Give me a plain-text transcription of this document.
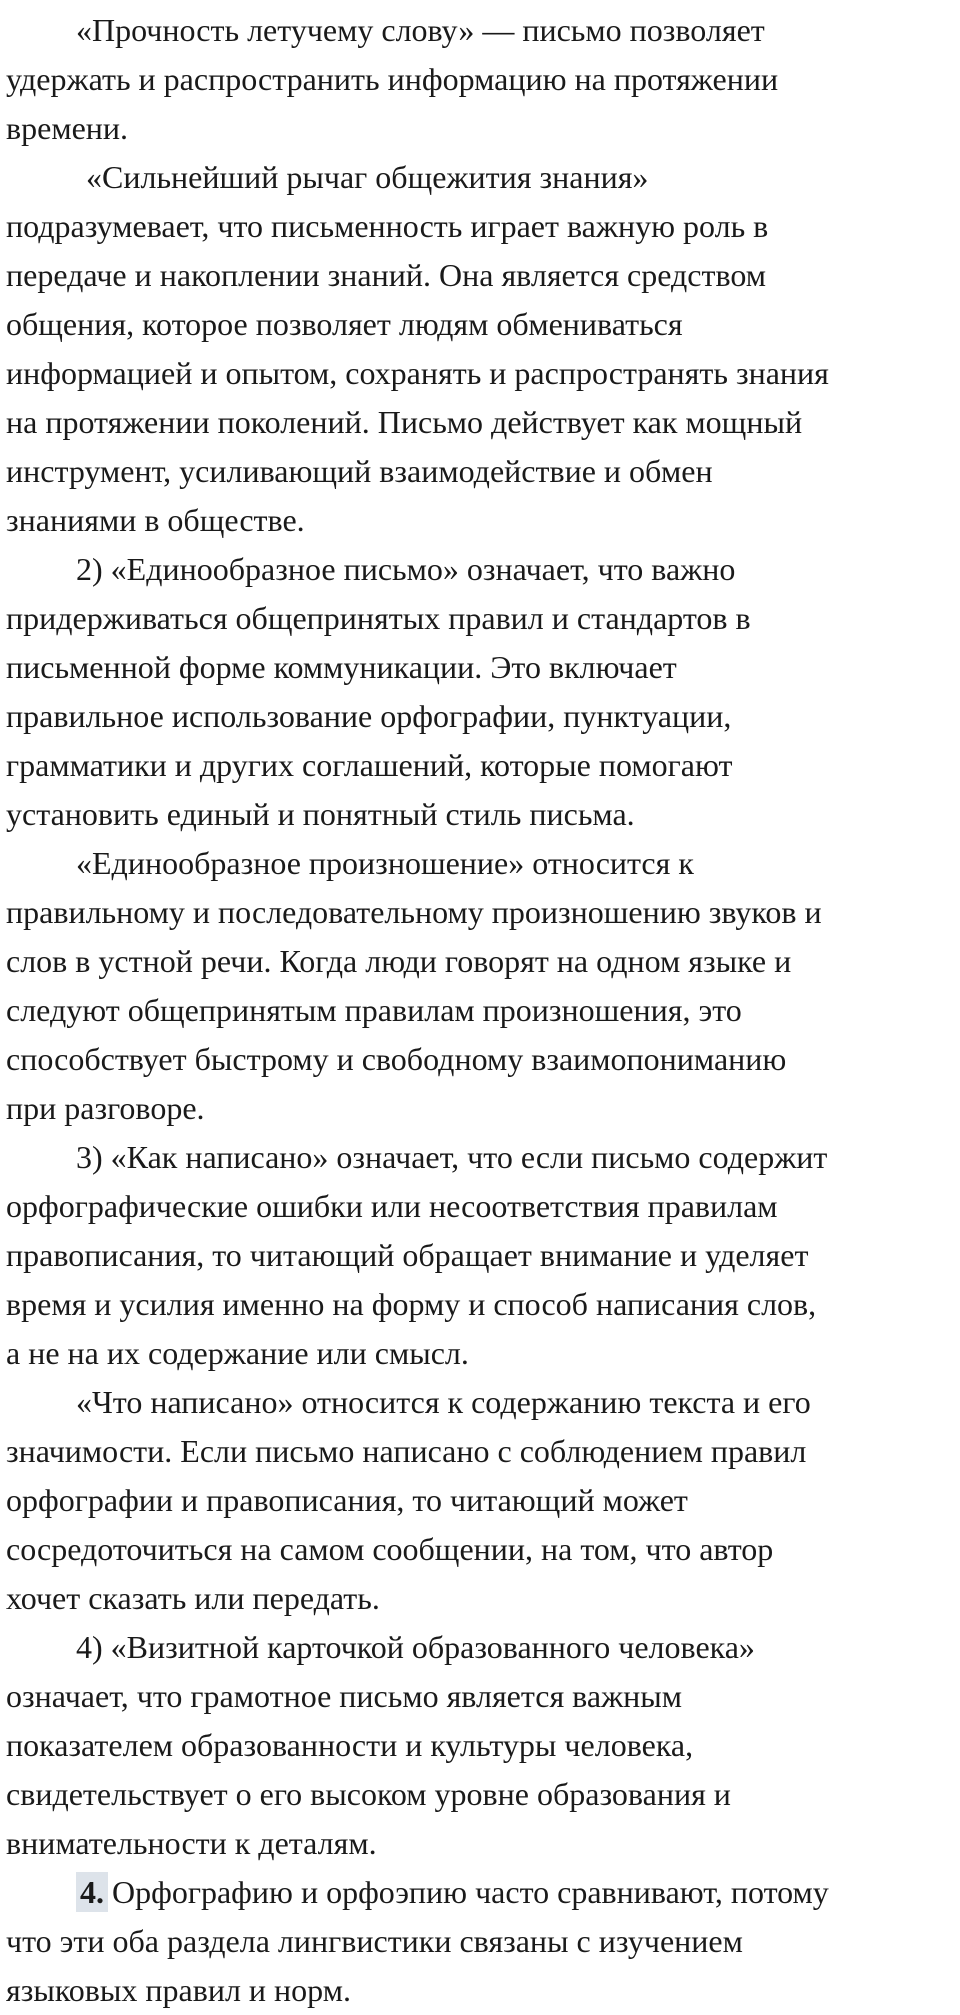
«Прочность летучему слову» — письмо позволяет
удержать и распространить информацию на протяжении
времени.
«Сильнейший рычаг общежития знания»
подразумевает, что письменность играет важную роль в
передаче и накоплении знаний. Она является средством
общения, которое позволяет людям обмениваться
информацией и опытом, сохранять и распространять знания
на протяжении поколений. Письмо действует как мощный
инструмент, усиливающий взаимодействие и обмен
знаниями в обществе.
2) «Единообразное письмо» означает, что важно
придерживаться общепринятых правил и стандартов в
письменной форме коммуникации. Это включает
правильное использование орфографии, пунктуации,
грамматики и других соглашений, которые помогают
установить единый и понятный стиль письма.
«Единообразное произношение» относится к
правильному и последовательному произношению звуков и
слов в устной речи. Когда люди говорят на одном языке и
следуют общепринятым правилам произношения, это
способствует быстрому и свободному взаимопониманию
при разговоре.
3) «Как написано» означает, что если письмо содержит
орфографические ошибки или несоответствия правилам
правописания, то читающий обращает внимание и уделяет
время и усилия именно на форму и способ написания слов,
а не на их содержание или смысл.
«Что написано» относится к содержанию текста и его
значимости. Если письмо написано с соблюдением правил
орфографии и правописания, то читающий может
сосредоточиться на самом сообщении, на том, что автор
хочет сказать или передать.
4) «Визитной карточкой образованного человека»
означает, что грамотное письмо является важным
показателем образованности и культуры человека,
свидетельствует о его высоком уровне образования и
внимательности к деталям.
4. Орфографию и орфоэпию часто сравнивают, потому
что эти оба раздела лингвистики связаны с изучением
языковых правил и норм.
